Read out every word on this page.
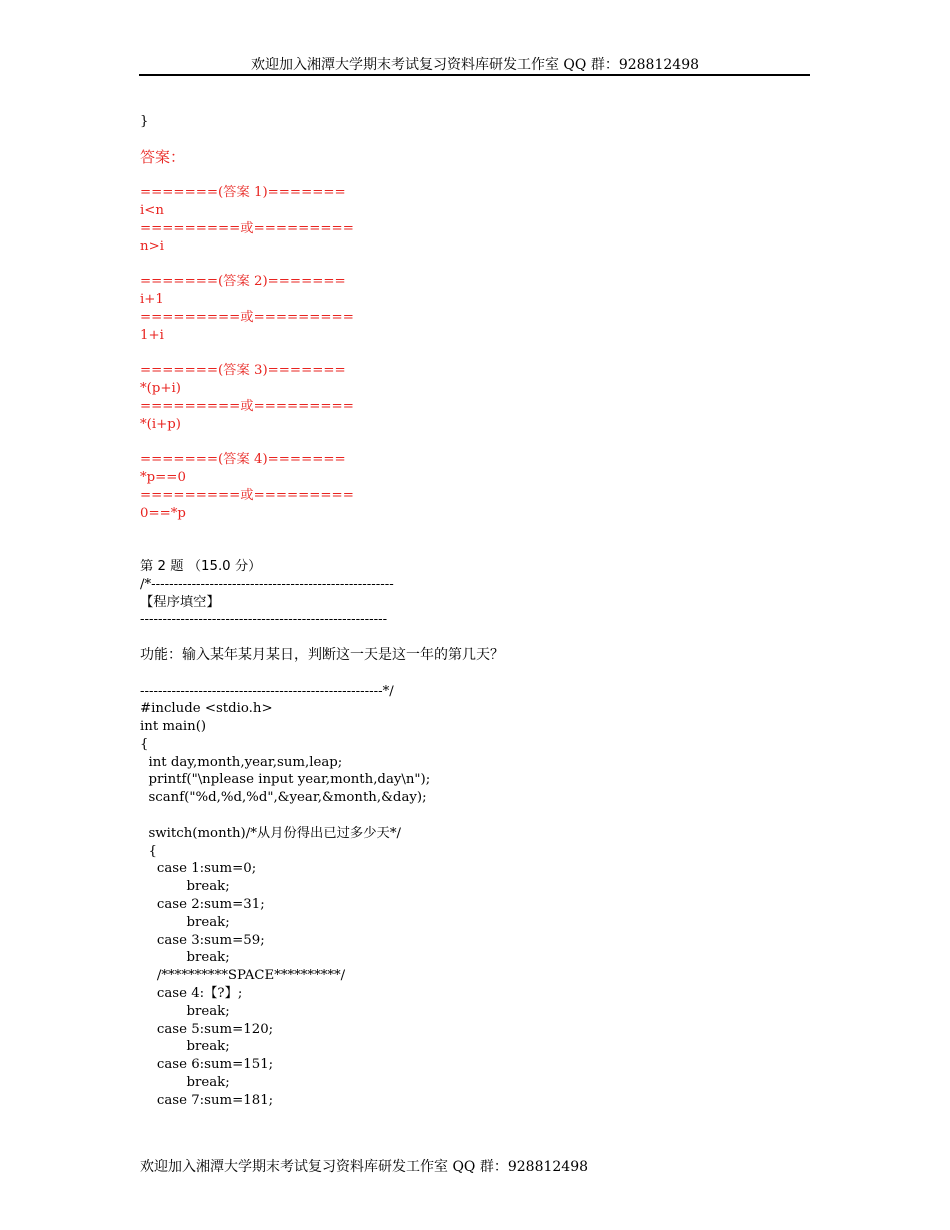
欢迎加入湘潭大学期末考试复习资料库研发工作室 QQ 群：928812498
}
答案：
=======(答案 1)=======
i<n
=========或=========
n>i
=======(答案 2)=======
i+1
=========或=========
1+i
=======(答案 3)=======
*(p+i)
=========或=========
*(i+p)
=======(答案 4)=======
*p==0
=========或=========
0==*p
第 2 题 （15.0 分）
/*------------------------------------------------------
【程序填空】
-------------------------------------------------------
功能：输入某年某月某日，判断这一天是这一年的第几天？
------------------------------------------------------*/
#include <stdio.h>
int main()
{
int day,month,year,sum,leap;
printf("\nplease input year,month,day\n");
scanf("%d,%d,%d",&year,&month,&day);
switch(month)/*从月份得出已过多少天*/
{
case 1:sum=0;
break;
case 2:sum=31;
break;
case 3:sum=59;
break;
/**********SPACE**********/
case 4:【?】;
break;
case 5:sum=120;
break;
case 6:sum=151;
break;
case 7:sum=181;
欢迎加入湘潭大学期末考试复习资料库研发工作室 QQ 群：928812498
